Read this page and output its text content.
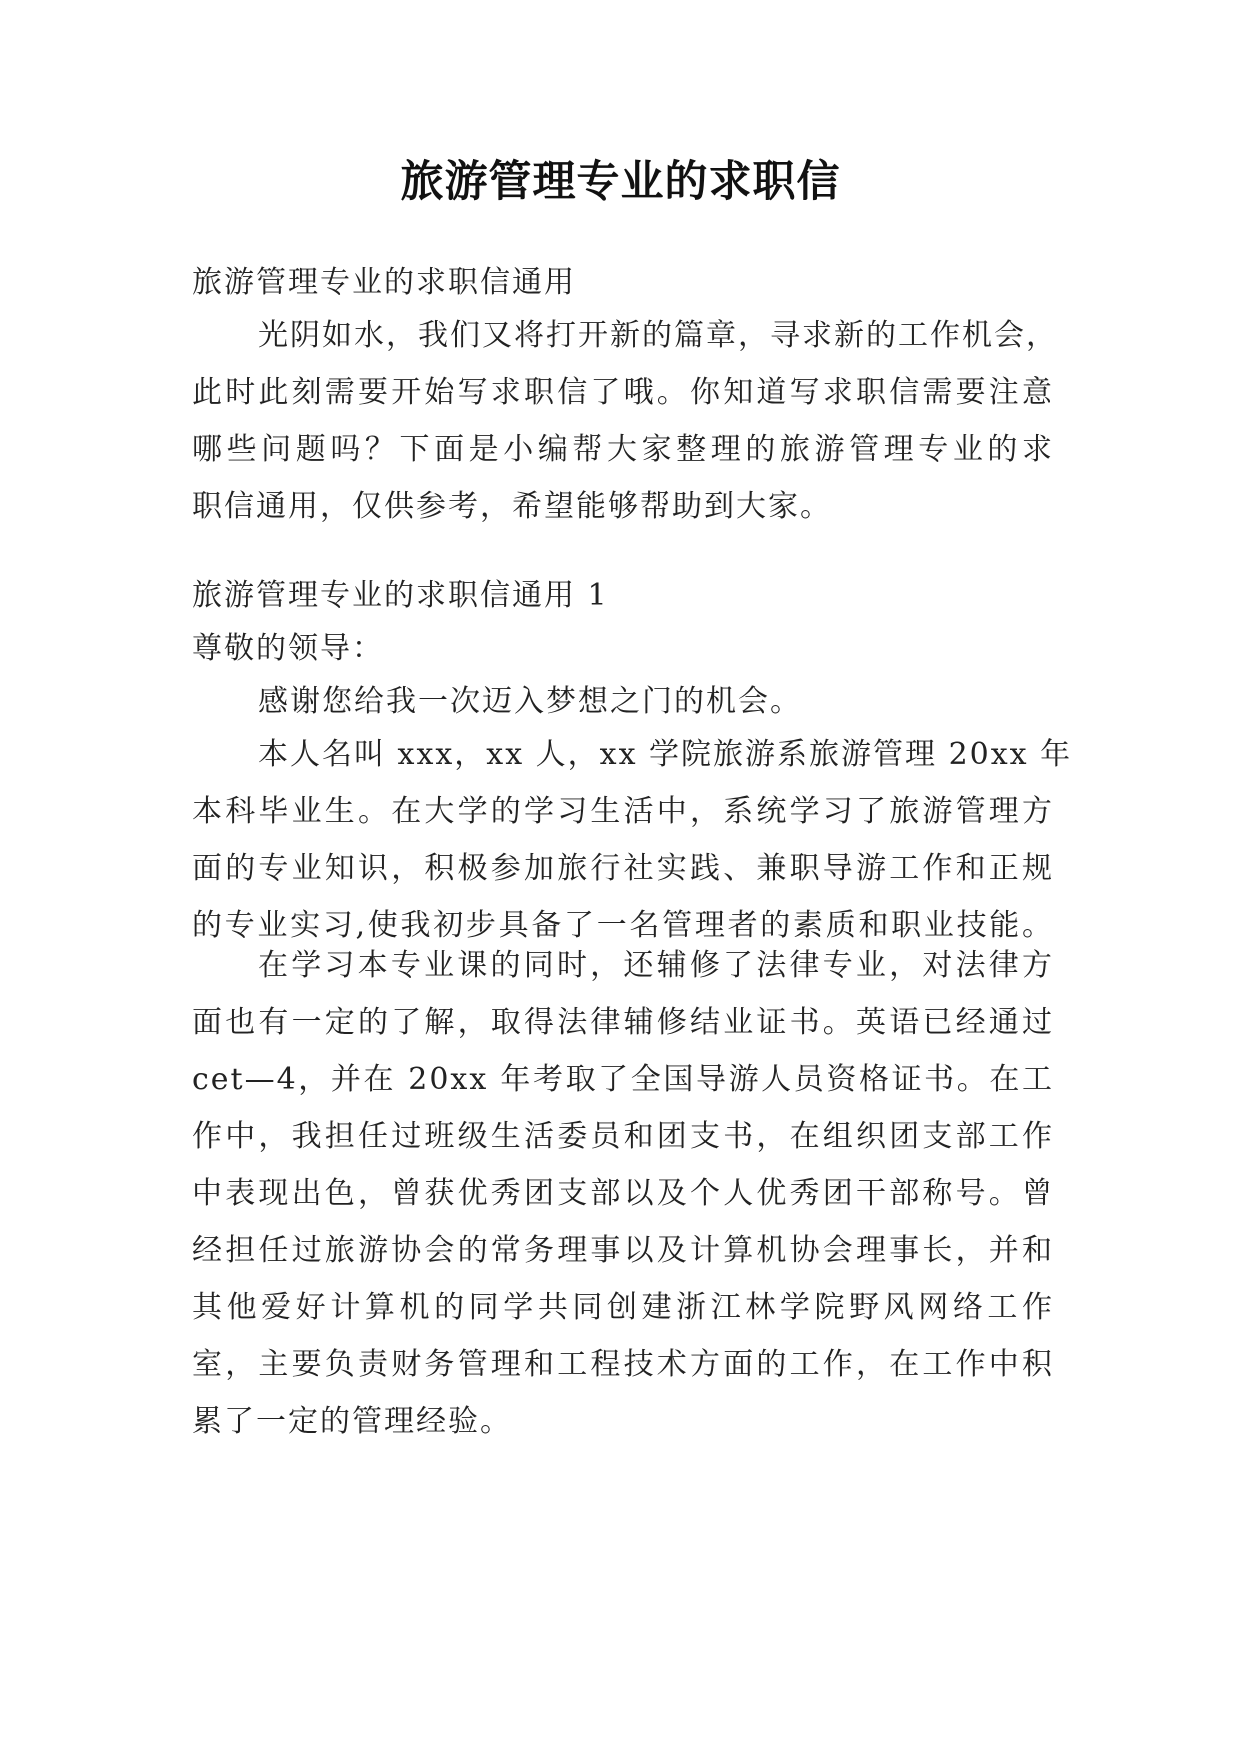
旅游管理专业的求职信
旅游管理专业的求职信通用
光阴如水，我们又将打开新的篇章，寻求新的工作机会，
此时此刻需要开始写求职信了哦。你知道写求职信需要注意
哪些问题吗？下面是小编帮大家整理的旅游管理专业的求
职信通用，仅供参考，希望能够帮助到大家。
旅游管理专业的求职信通用 1
尊敬的领导：
感谢您给我一次迈入梦想之门的机会。
本人名叫 xxx，xx 人，xx 学院旅游系旅游管理 20xx 年
本科毕业生。在大学的学习生活中，系统学习了旅游管理方
面的专业知识，积极参加旅行社实践、兼职导游工作和正规
的专业实习,使我初步具备了一名管理者的素质和职业技能。
在学习本专业课的同时，还辅修了法律专业，对法律方
面也有一定的了解，取得法律辅修结业证书。英语已经通过
cet—4，并在 20xx 年考取了全国导游人员资格证书。在工
作中，我担任过班级生活委员和团支书，在组织团支部工作
中表现出色，曾获优秀团支部以及个人优秀团干部称号。曾
经担任过旅游协会的常务理事以及计算机协会理事长，并和
其他爱好计算机的同学共同创建浙江林学院野风网络工作
室，主要负责财务管理和工程技术方面的工作，在工作中积
累了一定的管理经验。
